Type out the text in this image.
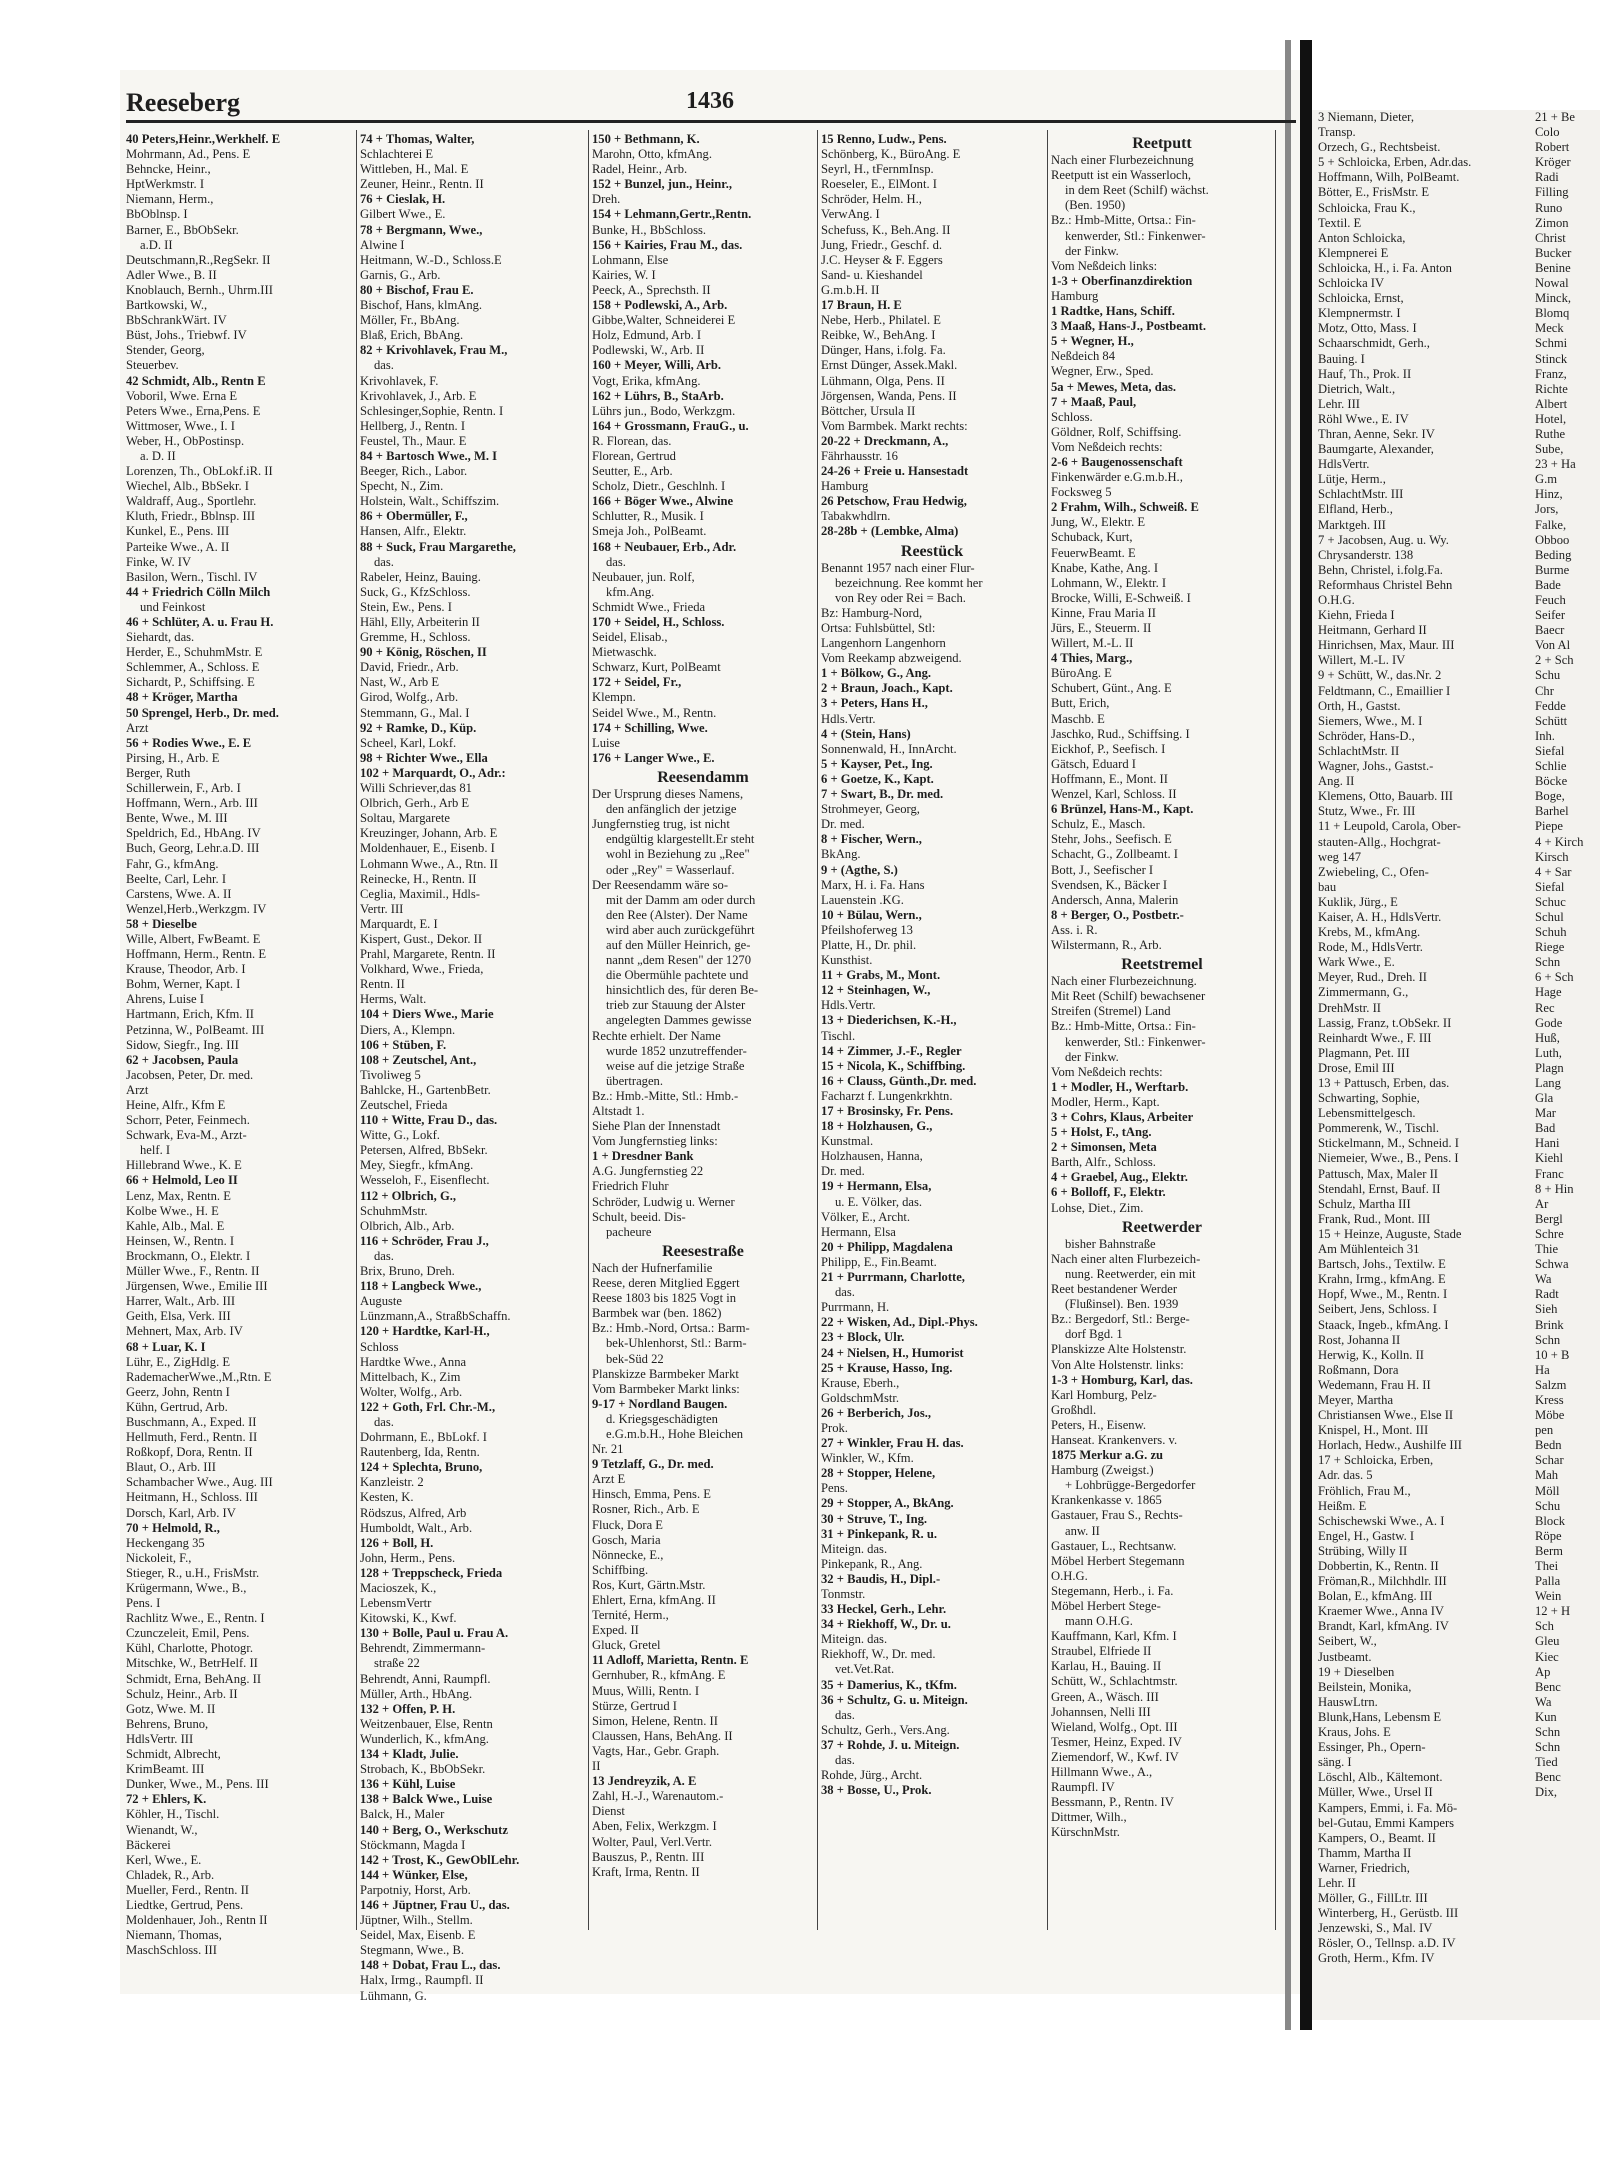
Reeseberg	1436
40 Peters,Heinr.,Werkhelf. E
Mohrmann, Ad., Pens. E
Behncke, Heinr.,
HptWerkmstr. I
Niemann, Herm.,
BbOblnsp. I
Barner, E., BbObSekr.
a.D. II
Deutschmann,R.,RegSekr. II
Adler Wwe., B. II
Knoblauch, Bernh., Uhrm.III
Bartkowski, W.,
BbSchrankWärt. IV
Büst, Johs., Triebwf. IV
Stender, Georg,
Steuerbev.
42 Schmidt, Alb., Rentn E
Voboril, Wwe. Erna E
Peters Wwe., Erna,Pens. E
Wittmoser, Wwe., I. I
Weber, H., ObPostinsp.
a. D. II
Lorenzen, Th., ObLokf.iR. II
Wiechel, Alb., BbSekr. I
Waldraff, Aug., Sportlehr.
Kluth, Friedr., Bblnsp. III
Kunkel, E., Pens. III
Parteike Wwe., A. II
Finke, W. IV
Basilon, Wern., Tischl. IV
44 + Friedrich Cölln Milch
und Feinkost
46 + Schlüter, A. u. Frau H.
Siehardt, das.
Herder, E., SchuhmMstr. E
Schlemmer, A., Schloss. E
Sichardt, P., Schiffsing. E
48 + Kröger, Martha
50 Sprengel, Herb., Dr. med.
Arzt
56 + Rodies Wwe., E. E
Pirsing, H., Arb. E
Berger, Ruth
Schillerwein, F., Arb. I
Hoffmann, Wern., Arb. III
Bente, Wwe., M. III
Speldrich, Ed., HbAng. IV
Buch, Georg, Lehr.a.D. III
Fahr, G., kfmAng.
Beelte, Carl, Lehr. I
Carstens, Wwe. A. II
Wenzel,Herb.,Werkzgm. IV
58 + Dieselbe
Wille, Albert, FwBeamt. E
Hoffmann, Herm., Rentn. E
Krause, Theodor, Arb. I
Bohm, Werner, Kapt. I
Ahrens, Luise I
Hartmann, Erich, Kfm. II
Petzinna, W., PolBeamt. III
Sidow, Siegfr., Ing. III
62 + Jacobsen, Paula
Jacobsen, Peter, Dr. med.
Arzt
Heine, Alfr., Kfm E
Schorr, Peter, Feinmech.
Schwark, Eva-M., Arzt-
helf. I
Hillebrand Wwe., K. E
66 + Helmold, Leo II
Lenz, Max, Rentn. E
Kolbe Wwe., H. E
Kahle, Alb., Mal. E
Heinsen, W., Rentn. I
Brockmann, O., Elektr. I
Müller Wwe., F., Rentn. II
Jürgensen, Wwe., Emilie III
Harrer, Walt., Arb. III
Geith, Elsa, Verk. III
Mehnert, Max, Arb. IV
68 + Luar, K. I
Lühr, E., ZigHdlg. E
RademacherWwe.,M.,Rtn. E
Geerz, John, Rentn I
Kühn, Gertrud, Arb.
Buschmann, A., Exped. II
Hellmuth, Ferd., Rentn. II
Roßkopf, Dora, Rentn. II
Blaut, O., Arb. III
Schambacher Wwe., Aug. III
Heitmann, H., Schloss. III
Dorsch, Karl, Arb. IV
70 + Helmold, R.,
Heckengang 35
Nickoleit, F.,
Stieger, R., u.H., FrisMstr.
Krügermann, Wwe., B.,
Pens. I
Rachlitz Wwe., E., Rentn. I
Czunczeleit, Emil, Pens.
Kühl, Charlotte, Photogr.
Mitschke, W., BetrHelf. II
Schmidt, Erna, BehAng. II
Schulz, Heinr., Arb. II
Gotz, Wwe. M. II
Behrens, Bruno,
HdlsVertr. III
Schmidt, Albrecht,
KrimBeamt. III
Dunker, Wwe., M., Pens. III
72 + Ehlers, K.
Köhler, H., Tischl.
Wienandt, W.,
Bäckerei
Kerl, Wwe., E.
Chladek, R., Arb.
Mueller, Ferd., Rentn. II
Liedtke, Gertrud, Pens.
Moldenhauer, Joh., Rentn II
Niemann, Thomas,
MaschSchloss. III
74 + Thomas, Walter,
Schlachterei E
Wittleben, H., Mal. E
Zeuner, Heinr., Rentn. II
76 + Cieslak, H.
Gilbert Wwe., E.
78 + Bergmann, Wwe.,
Alwine I
Heitmann, W.-D., Schloss.E
Garnis, G., Arb.
80 + Bischof, Frau E.
Bischof, Hans, klmAng.
Möller, Fr., BbAng.
Blaß, Erich, BbAng.
82 + Krivohlavek, Frau M.,
das.
Krivohlavek, F.
Krivohlavek, J., Arb. E
Schlesinger,Sophie, Rentn. I
Hellberg, J., Rentn. I
Feustel, Th., Maur. E
84 + Bartosch Wwe., M. I
Beeger, Rich., Labor.
Specht, N., Zim.
Holstein, Walt., Schiffszim.
86 + Obermüller, F.,
Hansen, Alfr., Elektr.
88 + Suck, Frau Margarethe,
das.
Rabeler, Heinz, Bauing.
Suck, G., KfzSchloss.
Stein, Ew., Pens. I
Hähl, Elly, Arbeiterin II
Gremme, H., Schloss.
90 + König, Röschen, II
David, Friedr., Arb.
Nast, W., Arb E
Girod, Wolfg., Arb.
Stemmann, G., Mal. I
92 + Ramke, D., Küp.
Scheel, Karl, Lokf.
98 + Richter Wwe., Ella
102 + Marquardt, O., Adr.:
Willi Schriever,das 81
Olbrich, Gerh., Arb E
Soltau, Margarete
Kreuzinger, Johann, Arb. E
Moldenhauer, E., Eisenb. I
Lohmann Wwe., A., Rtn. II
Reinecke, H., Rentn. II
Ceglia, Maximil., Hdls-
Vertr. III
Marquardt, E. I
Kispert, Gust., Dekor. II
Prahl, Margarete, Rentn. II
Volkhard, Wwe., Frieda,
Rentn. II
Herms, Walt.
104 + Diers Wwe., Marie
Diers, A., Klempn.
106 + Stüben, F.
108 + Zeutschel, Ant.,
Tivoliweg 5
Bahlcke, H., GartenbBetr.
Zeutschel, Frieda
110 + Witte, Frau D., das.
Witte, G., Lokf.
Petersen, Alfred, BbSekr.
Mey, Siegfr., kfmAng.
Wesseloh, F., Eisenflecht.
112 + Olbrich, G.,
SchuhmMstr.
Olbrich, Alb., Arb.
116 + Schröder, Frau J.,
das.
Brix, Bruno, Dreh.
118 + Langbeck Wwe.,
Auguste
Lünzmann,A., StraßbSchaffn.
120 + Hardtke, Karl-H.,
Schloss
Hardtke Wwe., Anna
Mittelbach, K., Zim
Wolter, Wolfg., Arb.
122 + Goth, Frl. Chr.-M.,
das.
Dohrmann, E., BbLokf. I
Rautenberg, Ida, Rentn.
124 + Splechta, Bruno,
Kanzleistr. 2
Kesten, K.
Rödszus, Alfred, Arb
Humboldt, Walt., Arb.
126 + Boll, H.
John, Herm., Pens.
128 + Treppscheck, Frieda
Macioszek, K.,
LebensmVertr
Kitowski, K., Kwf.
130 + Bolle, Paul u. Frau A.
Behrendt, Zimmermann-
straße 22
Behrendt, Anni, Raumpfl.
Müller, Arth., HbAng.
132 + Offen, P. H.
Weitzenbauer, Else, Rentn
Wunderlich, K., kfmAng.
134 + Kladt, Julie.
Strobach, K., BbObSekr.
136 + Kühl, Luise
138 + Balck Wwe., Luise
Balck, H., Maler
140 + Berg, O., Werkschutz
Stöckmann, Magda I
142 + Trost, K., GewOblLehr.
144 + Wünker, Else,
Parpotniy, Horst, Arb.
146 + Jüptner, Frau U., das.
Jüptner, Wilh., Stellm.
Seidel, Max, Eisenb. E
Stegmann, Wwe., B.
148 + Dobat, Frau L., das.
Halx, Irmg., Raumpfl. II
Lühmann, G.
150 + Bethmann, K.
Marohn, Otto, kfmAng.
Radel, Heinr., Arb.
152 + Bunzel, jun., Heinr.,
Dreh.
154 + Lehmann,Gertr.,Rentn.
Bunke, H., BbSchloss.
156 + Kairies, Frau M., das.
Lohmann, Else
Kairies, W. I
Peeck, A., Sprechsth. II
158 + Podlewski, A., Arb.
Gibbe,Walter, Schneiderei E
Holz, Edmund, Arb. I
Podlewski, W., Arb. II
160 + Meyer, Willi, Arb.
Vogt, Erika, kfmAng.
162 + Lührs, B., StaArb.
Lührs jun., Bodo, Werkzgm.
164 + Grossmann, FrauG., u.
R. Florean, das.
Florean, Gertrud
Seutter, E., Arb.
Scholz, Dietr., Geschlnh. I
166 + Böger Wwe., Alwine
Schlutter, R., Musik. I
Smeja Joh., PolBeamt.
168 + Neubauer, Erb., Adr.
das.
Neubauer, jun. Rolf,
kfm.Ang.
Schmidt Wwe., Frieda
170 + Seidel, H., Schloss.
Seidel, Elisab.,
Mietwaschk.
Schwarz, Kurt, PolBeamt
172 + Seidel, Fr.,
Klempn.
Seidel Wwe., M., Rentn.
174 + Schilling, Wwe.
Luise
176 + Langer Wwe., E.
Reesendamm
Der Ursprung dieses Namens,
den anfänglich der jetzige
Jungfernstieg trug, ist nicht
endgültig klargestellt.Er steht
wohl in Beziehung zu „Ree"
oder „Rey" = Wasserlauf.
Der Reesendamm wäre so-
mit der Damm am oder durch
den Ree (Alster). Der Name
wird aber auch zurückgeführt
auf den Müller Heinrich, ge-
nannt „dem Resen" der 1270
die Obermühle pachtete und
hinsichtlich des, für deren Be-
trieb zur Stauung der Alster
angelegten Dammes gewisse
Rechte erhielt. Der Name
wurde 1852 unzutreffender-
weise auf die jetzige Straße
übertragen.
Bz.: Hmb.-Mitte, Stl.: Hmb.-
Altstadt 1.
Siehe Plan der Innenstadt
Vom Jungfernstieg links:
1 + Dresdner Bank
A.G. Jungfernstieg 22
Friedrich Fluhr
Schröder, Ludwig u. Werner
Schult, beeid. Dis-
pacheure
Reesestraße
Nach der Hufnerfamilie
Reese, deren Mitglied Eggert
Reese 1803 bis 1825 Vogt in
Barmbek war (ben. 1862)
Bz.: Hmb.-Nord, Ortsa.: Barm-
bek-Uhlenhorst, Stl.: Barm-
bek-Süd 22
Planskizze Barmbeker Markt
Vom Barmbeker Markt links:
9-17 + Nordland Baugen.
d. Kriegsgeschädigten
e.G.m.b.H., Hohe Bleichen
Nr. 21
9 Tetzlaff, G., Dr. med.
Arzt E
Hinsch, Emma, Pens. E
Rosner, Rich., Arb. E
Fluck, Dora E
Gosch, Maria
Nönnecke, E.,
Schiffbing.
Ros, Kurt, Gärtn.Mstr.
Ehlert, Erna, kfmAng. II
Ternité, Herm.,
Exped. II
Gluck, Gretel
11 Adloff, Marietta, Rentn. E
Gernhuber, R., kfmAng. E
Muus, Willi, Rentn. I
Stürze, Gertrud I
Simon, Helene, Rentn. II
Claussen, Hans, BehAng. II
Vagts, Har., Gebr. Graph.
II
13 Jendreyzik, A. E
Zahl, H.-J., Warenautom.-
Dienst
Aben, Felix, Werkzgm. I
Wolter, Paul, Verl.Vertr.
Bauszus, P., Rentn. III
Kraft, Irma, Rentn. II
15 Renno, Ludw., Pens.
Schönberg, K., BüroAng. E
Seyrl, H., tFernmInsp.
Roeseler, E., ElMont. I
Schröder, Helm. H.,
VerwAng. I
Schefuss, K., Beh.Ang. II
Jung, Friedr., Geschf. d.
J.C. Heyser & F. Eggers
Sand- u. Kieshandel
G.m.b.H. II
17 Braun, H. E
Nebe, Herb., Philatel. E
Reibke, W., BehAng. I
Dünger, Hans, i.folg. Fa.
Ernst Dünger, Assek.Makl.
Lühmann, Olga, Pens. II
Jörgensen, Wanda, Pens. II
Böttcher, Ursula II
Vom Barmbek. Markt rechts:
20-22 + Dreckmann, A.,
Fährhausstr. 16
24-26 + Freie u. Hansestadt
Hamburg
26 Petschow, Frau Hedwig,
Tabakwhdlrn.
28-28b + (Lembke, Alma)
Reestück
Benannt 1957 nach einer Flur-
bezeichnung. Ree kommt her
von Rey oder Rei = Bach.
Bz: Hamburg-Nord,
Ortsa: Fuhlsbüttel, Stl:
Langenhorn Langenhorn
Vom Reekamp abzweigend.
1 + Bölkow, G., Ang.
2 + Braun, Joach., Kapt.
3 + Peters, Hans H.,
Hdls.Vertr.
4 + (Stein, Hans)
Sonnenwald, H., InnArcht.
5 + Kayser, Pet., Ing.
6 + Goetze, K., Kapt.
7 + Swart, B., Dr. med.
Strohmeyer, Georg,
Dr. med.
8 + Fischer, Wern.,
BkAng.
9 + (Agthe, S.)
Marx, H. i. Fa. Hans
Lauenstein .KG.
10 + Bülau, Wern.,
Pfeilshoferweg 13
Platte, H., Dr. phil.
Kunsthist.
11 + Grabs, M., Mont.
12 + Steinhagen, W.,
Hdls.Vertr.
13 + Diederichsen, K.-H.,
Tischl.
14 + Zimmer, J.-F., Regler
15 + Nicola, K., Schiffbing.
16 + Clauss, Günth.,Dr. med.
Facharzt f. Lungenkrkhtn.
17 + Brosinsky, Fr. Pens.
18 + Holzhausen, G.,
Kunstmal.
Holzhausen, Hanna,
Dr. med.
19 + Hermann, Elsa,
u. E. Völker, das.
Völker, E., Archt.
Hermann, Elsa
20 + Philipp, Magdalena
Philipp, E., Fin.Beamt.
21 + Purrmann, Charlotte,
das.
Purrmann, H.
22 + Wisken, Ad., Dipl.-Phys.
23 + Block, Ulr.
24 + Nielsen, H., Humorist
25 + Krause, Hasso, Ing.
Krause, Eberh.,
GoldschmMstr.
26 + Berberich, Jos.,
Prok.
27 + Winkler, Frau H. das.
Winkler, W., Kfm.
28 + Stopper, Helene,
Pens.
29 + Stopper, A., BkAng.
30 + Struve, T., Ing.
31 + Pinkepank, R. u.
Miteign. das.
Pinkepank, R., Ang.
32 + Baudis, H., Dipl.-
Tonmstr.
33 Heckel, Gerh., Lehr.
34 + Riekhoff, W., Dr. u.
Miteign. das.
Riekhoff, W., Dr. med.
vet.Vet.Rat.
35 + Damerius, K., tKfm.
36 + Schultz, G. u. Miteign.
das.
Schultz, Gerh., Vers.Ang.
37 + Rohde, J. u. Miteign.
das.
Rohde, Jürg., Archt.
38 + Bosse, U., Prok.
Reetputt
Nach einer Flurbezeichnung
Reetputt ist ein Wasserloch,
in dem Reet (Schilf) wächst.
(Ben. 1950)
Bz.: Hmb-Mitte, Ortsa.: Fin-
kenwerder, Stl.: Finkenwer-
der Finkw.
Vom Neßdeich links:
1-3 + Oberfinanzdirektion
Hamburg
1 Radtke, Hans, Schiff.
3 Maaß, Hans-J., Postbeamt.
5 + Wegner, H.,
Neßdeich 84
Wegner, Erw., Sped.
5a + Mewes, Meta, das.
7 + Maaß, Paul,
Schloss.
Göldner, Rolf, Schiffsing.
Vom Neßdeich rechts:
2-6 + Baugenossenschaft
Finkenwärder e.G.m.b.H.,
Focksweg 5
2 Frahm, Wilh., Schweiß. E
Jung, W., Elektr. E
Schuback, Kurt,
FeuerwBeamt. E
Knabe, Kathe, Ang. I
Lohmann, W., Elektr. I
Brocke, Willi, E-Schweiß. I
Kinne, Frau Maria II
Jürs, E., Steuerm. II
Willert, M.-L. II
4 Thies, Marg.,
BüroAng. E
Schubert, Günt., Ang. E
Butt, Erich,
Maschb. E
Jaschko, Rud., Schiffsing. I
Eickhof, P., Seefisch. I
Gätsch, Eduard I
Hoffmann, E., Mont. II
Wenzel, Karl, Schloss. II
6 Brünzel, Hans-M., Kapt.
Schulz, E., Masch.
Stehr, Johs., Seefisch. E
Schacht, G., Zollbeamt. I
Bott, J., Seefischer I
Svendsen, K., Bäcker I
Andersch, Anna, Malerin
8 + Berger, O., Postbetr.-
Ass. i. R.
Wilstermann, R., Arb.
Reetstremel
Nach einer Flurbezeichnung.
Mit Reet (Schilf) bewachsener
Streifen (Stremel) Land
Bz.: Hmb-Mitte, Ortsa.: Fin-
kenwerder, Stl.: Finkenwer-
der Finkw.
Vom Neßdeich rechts:
1 + Modler, H., Werftarb.
Modler, Herm., Kapt.
3 + Cohrs, Klaus, Arbeiter
5 + Holst, F., tAng.
2 + Simonsen, Meta
Barth, Alfr., Schloss.
4 + Graebel, Aug., Elektr.
6 + Bolloff, F., Elektr.
Lohse, Diet., Zim.
Reetwerder
bisher Bahnstraße
Nach einer alten Flurbezeich-
nung. Reetwerder, ein mit
Reet bestandener Werder
(Flußinsel). Ben. 1939
Bz.: Bergedorf, Stl.: Berge-
dorf Bgd. 1
Planskizze Alte Holstenstr.
Von Alte Holstenstr. links:
1-3 + Homburg, Karl, das.
Karl Homburg, Pelz-
Großhdl.
Peters, H., Eisenw.
Hanseat. Krankenvers. v.
1875 Merkur a.G. zu
Hamburg (Zweigst.)
+ Lohbrügge-Bergedorfer
Krankenkasse v. 1865
Gastauer, Frau S., Rechts-
anw. II
Gastauer, L., Rechtsanw.
Möbel Herbert Stegemann
O.H.G.
Stegemann, Herb., i. Fa.
Möbel Herbert Stege-
mann O.H.G.
Kauffmann, Karl, Kfm. I
Straubel, Elfriede II
Karlau, H., Bauing. II
Schütt, W., Schlachtmstr.
Green, A., Wäsch. III
Johannsen, Nelli III
Wieland, Wolfg., Opt. III
Tesmer, Heinz, Exped. IV
Ziemendorf, W., Kwf. IV
Hillmann Wwe., A.,
Raumpfl. IV
Bessmann, P., Rentn. IV
Dittmer, Wilh.,
KürschnMstr.
3 Niemann, Dieter,
Transp.
Orzech, G., Rechtsbeist.
5 + Schloicka, Erben, Adr.das.
Hoffmann, Wilh, PolBeamt.
Bötter, E., FrisMstr. E
Schloicka, Frau K.,
Textil. E
Anton Schloicka,
Klempnerei E
Schloicka, H., i. Fa. Anton
Schloicka IV
Schloicka, Ernst,
Klempnermstr. I
Motz, Otto, Mass. I
Schaarschmidt, Gerh.,
Bauing. I
Hauf, Th., Prok. II
Dietrich, Walt.,
Lehr. III
Röhl Wwe., E. IV
Thran, Aenne, Sekr. IV
Baumgarte, Alexander,
HdlsVertr.
Lütje, Herm.,
SchlachtMstr. III
Elfland, Herb.,
Marktgeh. III
7 + Jacobsen, Aug. u. Wy.
Chrysanderstr. 138
Behn, Christel, i.folg.Fa.
Reformhaus Christel Behn
O.H.G.
Kiehn, Frieda I
Heitmann, Gerhard II
Hinrichsen, Max, Maur. III
Willert, M.-L. IV
9 + Schütt, W., das.Nr. 2
Feldtmann, C., Emaillier I
Orth, H., Gastst.
Siemers, Wwe., M. I
Schröder, Hans-D.,
SchlachtMstr. II
Wagner, Johs., Gastst.-
Ang. II
Klemens, Otto, Bauarb. III
Stutz, Wwe., Fr. III
11 + Leupold, Carola, Ober-
stauten-Allg., Hochgrat-
weg 147
Zwiebeling, C., Ofen-
bau
Kuklik, Jürg., E
Kaiser, A. H., HdlsVertr.
Krebs, M., kfmAng.
Rode, M., HdlsVertr.
Wark Wwe., E.
Meyer, Rud., Dreh. II
Zimmermann, G.,
DrehMstr. II
Lassig, Franz, t.ObSekr. II
Reinhardt Wwe., F. III
Plagmann, Pet. III
Drose, Emil III
13 + Pattusch, Erben, das.
Schwarting, Sophie,
Lebensmittelgesch.
Pommerenk, W., Tischl.
Stickelmann, M., Schneid. I
Niemeier, Wwe., B., Pens. I
Pattusch, Max, Maler II
Stendahl, Ernst, Bauf. II
Schulz, Martha III
Frank, Rud., Mont. III
15 + Heinze, Auguste, Stade
Am Mühlenteich 31
Bartsch, Johs., Textilw. E
Krahn, Irmg., kfmAng. E
Hopf, Wwe., M., Rentn. I
Seibert, Jens, Schloss. I
Staack, Ingeb., kfmAng. I
Rost, Johanna II
Herwig, K., Kolln. II
Roßmann, Dora
Wedemann, Frau H. II
Meyer, Martha
Christiansen Wwe., Else II
Knispel, H., Mont. III
Horlach, Hedw., Aushilfe III
17 + Schloicka, Erben,
Adr. das. 5
Fröhlich, Frau M.,
Heißm. E
Schischewski Wwe., A. I
Engel, H., Gastw. I
Strübing, Willy II
Dobbertin, K., Rentn. II
Fröman,R., Milchhdlr. III
Bolan, E., kfmAng. III
Kraemer Wwe., Anna IV
Brandt, Karl, kfmAng. IV
Seibert, W.,
Justbeamt.
19 + Dieselben
Beilstein, Monika,
HauswLtrn.
Blunk,Hans, Lebensm E
Kraus, Johs. E
Essinger, Ph., Opern-
säng. I
Löschl, Alb., Kältemont.
Müller, Wwe., Ursel II
Kampers, Emmi, i. Fa. Mö-
bel-Gutau, Emmi Kampers
Kampers, O., Beamt. II
Thamm, Martha II
Warner, Friedrich,
Lehr. II
Möller, G., FillLtr. III
Winterberg, H., Gerüstb. III
Jenzewski, S., Mal. IV
Rösler, O., Tellnsp. a.D. IV
Groth, Herm., Kfm. IV
21 + Be
Colo
Robert
Kröger
Radi
Filling
Runo
Zimon
Christ
Bucker
Benine
Nowal
Minck,
Blomq
Meck
Schmi
Stinck
Franz,
Richte
Albert
Hotel,
Ruthe
Sube,
23 + Ha
G.m
Hinz,
Jors,
Falke,
Obboo
Beding
Burme
Bade
Feuch
Seifer
Baecr
Von Al
2 + Sch
Schu
Chr
Fedde
Schütt
Inh.
Siefal
Schlie
Böcke
Boge,
Barhel
Piepe
4 + Kirch
Kirsch
4 + Sar
Siefal
Schuc
Schul
Schuh
Riege
Schn
6 + Sch
Hage
Rec
Gode
Huß,
Luth,
Plagn
Lang
Gla
Mar
Bad
Hani
Kiehl
Franc
8 + Hin
Ar
Bergl
Schre
Thie
Schwa
Wa
Radt
Sieh
Brink
Schn
10 + B
Ha
Salzm
Kress
Möbe
pen
Bedn
Schar
Mah
Möll
Schu
Block
Röpe
Berm
Thei
Palla
Wein
12 + H
Sch
Gleu
Kiec
Ap
Benc
Wa
Kun
Schn
Schn
Tied
Benc
Dix,
